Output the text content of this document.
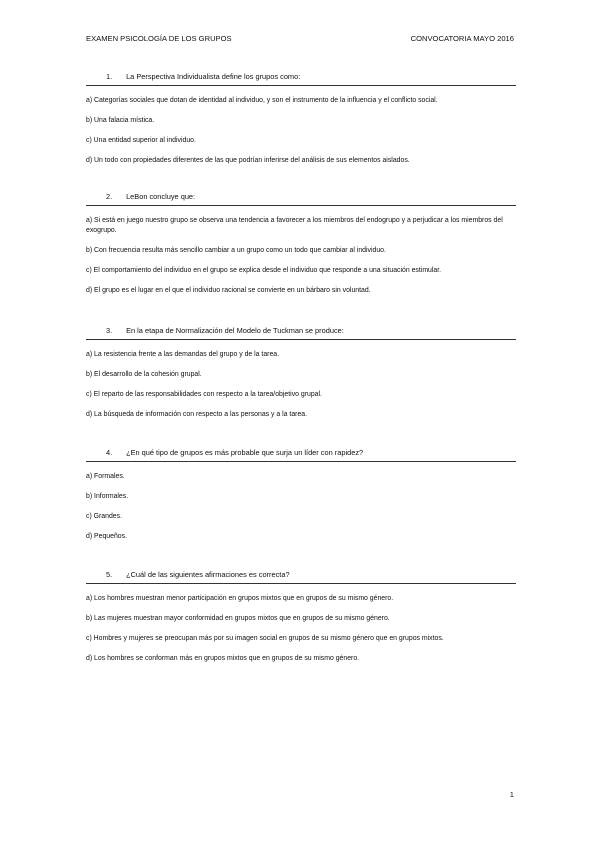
EXAMEN PSICOLOGÍA DE LOS GRUPOS	CONVOCATORIA MAYO 2016
1. La Perspectiva Individualista define los grupos como:
a) Categorías sociales que dotan de identidad al individuo, y son el instrumento de la influencia y el conflicto social.
b) Una falacia mística.
c) Una entidad superior al individuo.
d) Un todo con propiedades diferentes de las que podrían inferirse del análisis de sus elementos aislados.
2. LeBon concluye que:
a) Si está en juego nuestro grupo se observa una tendencia a favorecer a los miembros del endogrupo y a perjudicar a los miembros del exogrupo.
b) Con frecuencia resulta más sencillo cambiar a un grupo como un todo que cambiar al individuo.
c) El comportamiento del individuo en el grupo se explica desde el individuo que responde a una situación estimular.
d) El grupo es el lugar en el que el individuo racional se convierte en un bárbaro sin voluntad.
3. En la etapa de Normalización del Modelo de Tuckman se produce:
a) La resistencia frente a las demandas del grupo y de la tarea.
b) El desarrollo de la cohesión grupal.
c) El reparto de las responsabilidades con respecto a la tarea/objetivo grupal.
d) La búsqueda de información con respecto a las personas y a la tarea.
4. ¿En qué tipo de grupos es más probable que surja un líder con rapidez?
a) Formales.
b) Informales.
c) Grandes.
d) Pequeños.
5. ¿Cuál de las siguientes afirmaciones es correcta?
a) Los hombres muestran menor participación en grupos mixtos que en grupos de su mismo género.
b) Las mujeres muestran mayor conformidad en grupos mixtos que en grupos de su mismo género.
c) Hombres y mujeres se preocupan más por su imagen social en grupos de su mismo género que en grupos mixtos.
d) Los hombres se conforman más en grupos mixtos que en grupos de su mismo género.
1
